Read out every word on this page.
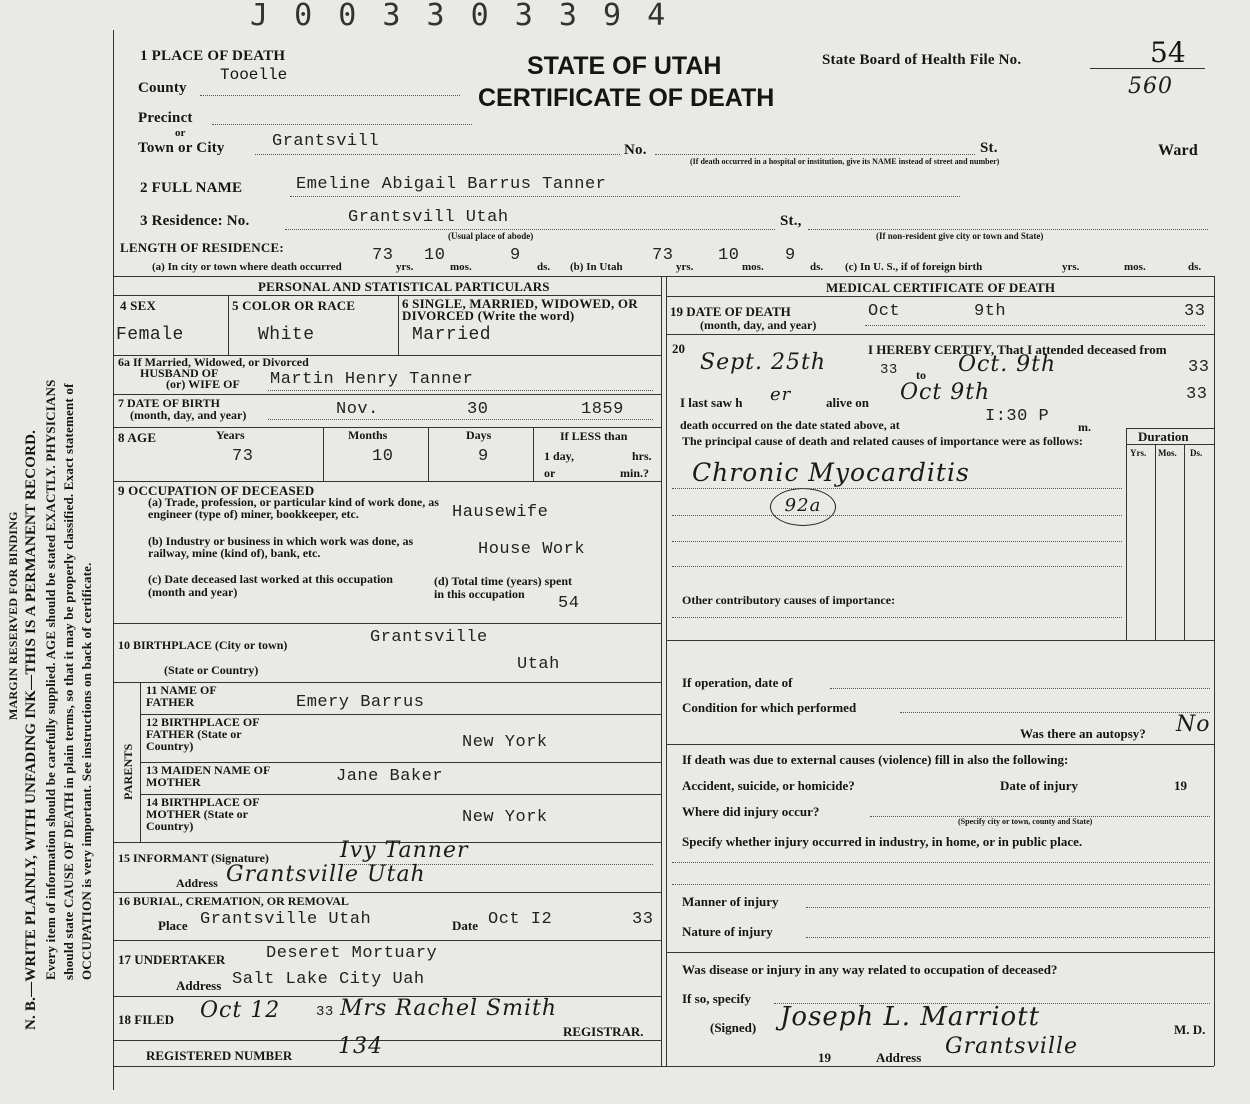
J 0 0 3 3 0 3 3 9 4
MARGIN RESERVED FOR BINDING N. B.—WRITE PLAINLY, WITH UNFADING INK—THIS IS A PERMANENT RECORD. Every item of information should be carefully supplied. AGE should be stated EXACTLY. PHYSICIANS should state CAUSE OF DEATH in plain terms, so that it may be properly classified. Exact statement of OCCUPATION is very important. See instructions on back of certificate.
1 PLACE OF DEATH	STATE OF UTAH
CERTIFICATE OF DEATH
State Board of Health File No.	54
560
Tooelle
County
Precinct
or
Town or City	Grantsvill	No.	St.	Ward
(If death occurred in a hospital or institution, give its NAME instead of street and number)
2 FULL NAME	Emeline Abigail Barrus Tanner
3 Residence: No.	Grantsvill Utah	St.,
(Usual place of abode)	(If non-resident give city or town and State)
LENGTH OF RESIDENCE:
(a) In city or town where death occurred
73
yrs.
10
mos.
9
ds. (b) In Utah
73
yrs.
10
mos.
9
ds. (c) In U. S., if of foreign birth	yrs.	mos.	ds.
PERSONAL AND STATISTICAL PARTICULARS	MEDICAL CERTIFICATE OF DEATH
4 SEX
Female
5 COLOR OR RACE
White
6 SINGLE, MARRIED, WIDOWED, OR DIVORCED (Write the word)
Married
6a If Married, Widowed, or Divorced
HUSBAND OF
(or) WIFE OF Martin Henry Tanner
7 DATE OF BIRTH
(month, day, and year)	Nov.	30	1859
8 AGE	Years	Months	Days	If LESS than
1 day,	hrs.
or	min.?
73	10	9
9 OCCUPATION OF DECEASED
(a) Trade, profession, or particular kind of work done, as engineer (type of) miner, bookkeeper, etc.	Hausewife
(b) Industry or business in which work was done, as railway, mine (kind of), bank, etc.	House Work
(c) Date deceased last worked at this occupation (month and year)
(d) Total time (years) spent in this occupation	54
10 BIRTHPLACE (City or town)	Grantsville
(State or Country)	Utah
PARENTS
11 NAME OF FATHER	Emery Barrus
12 BIRTHPLACE OF FATHER (State or Country)	New York
13 MAIDEN NAME OF MOTHER	Jane Baker
14 BIRTHPLACE OF MOTHER (State or Country)	New York
15 INFORMANT (Signature)	Ivy Tanner
Address Grantsville Utah
16 BURIAL, CREMATION, OR REMOVAL
Place Grantsville Utah	Date Oct I2	33
17 UNDERTAKER Deseret Mortuary
Address Salt Lake City Uah
18 FILED Oct 12	33 Mrs Rachel Smith
REGISTRAR.
REGISTERED NUMBER 134
19 DATE OF DEATH
(month, day, and year)
Oct	9th	33
20	I HEREBY CERTIFY, That I attended deceased from
Sept. 25th	33 to Oct. 9th	33
I last saw h er	alive on Oct 9th	33
death occurred on the date stated above, at	I:30 P
m.
The principal cause of death and related causes of importance were as follows:
Chronic Myocarditis
92a
Duration
Yrs. Mos. Ds.
Other contributory causes of importance:
If operation, date of
Condition for which performed
Was there an autopsy? No
If death was due to external causes (violence) fill in also the following:
Accident, suicide, or homicide?	Date of injury	19
Where did injury occur?
(Specify city or town, county and State)
Specify whether injury occurred in industry, in home, or in public place.
Manner of injury
Nature of injury
Was disease or injury in any way related to occupation of deceased?
If so, specify
(Signed) Joseph L. Marriott	M. D.
19	Address Grantsville
